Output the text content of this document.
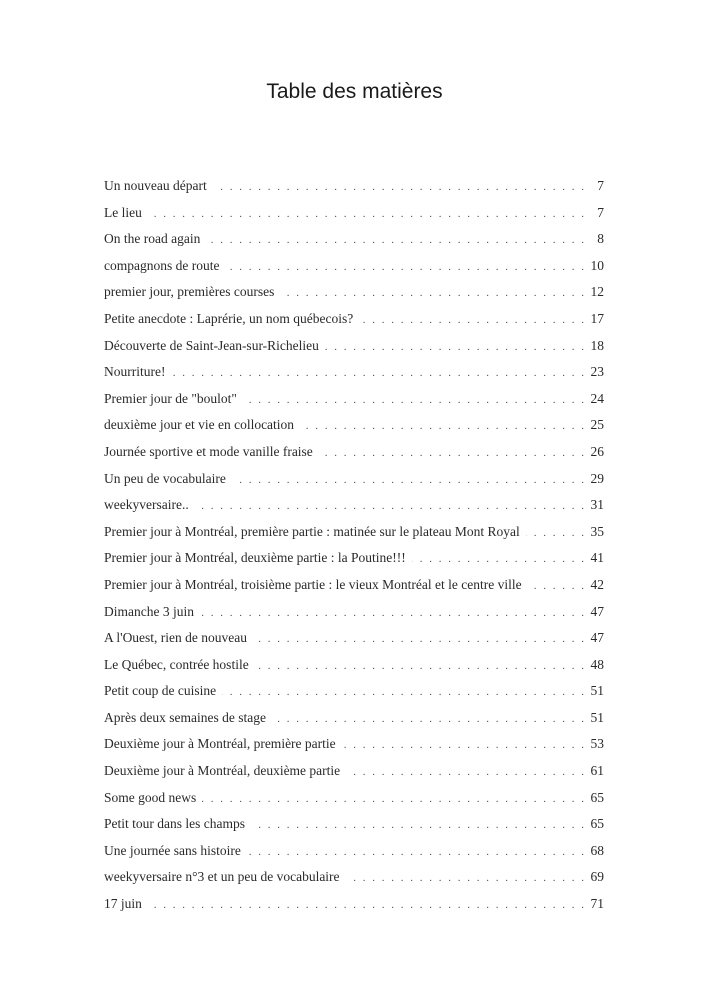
Table des matières
Un nouveau départ . . .	7
Le lieu . . .	7
On the road again . . .	8
compagnons de route . . .	10
premier jour, premières courses . . .	12
Petite anecdote : Laprérie, un nom québecois? . . .	17
Découverte de Saint-Jean-sur-Richelieu . . .	18
Nourriture! . . .	23
Premier jour de "boulot" . . .	24
deuxième jour et vie en collocation . . .	25
Journée sportive et mode vanille fraise . . .	26
Un peu de vocabulaire . . .	29
weekyversaire.. . . .	31
Premier jour à Montréal, première partie : matinée sur le plateau Mont Royal . . .	35
Premier jour à Montréal, deuxième partie : la Poutine!!! . . .	41
Premier jour à Montréal, troisième partie : le vieux Montréal et le centre ville . . .	42
Dimanche 3 juin . . .	47
A l'Ouest, rien de nouveau . . .	47
Le Québec, contrée hostile . . .	48
Petit coup de cuisine . . .	51
Après deux semaines de stage . . .	51
Deuxième jour à Montréal, première partie . . .	53
Deuxième jour à Montréal, deuxième partie . . .	61
Some good news . . .	65
Petit tour dans les champs . . .	65
Une journée sans histoire . . .	68
weekyversaire n°3 et un peu de vocabulaire . . .	69
17 juin . . .	71
